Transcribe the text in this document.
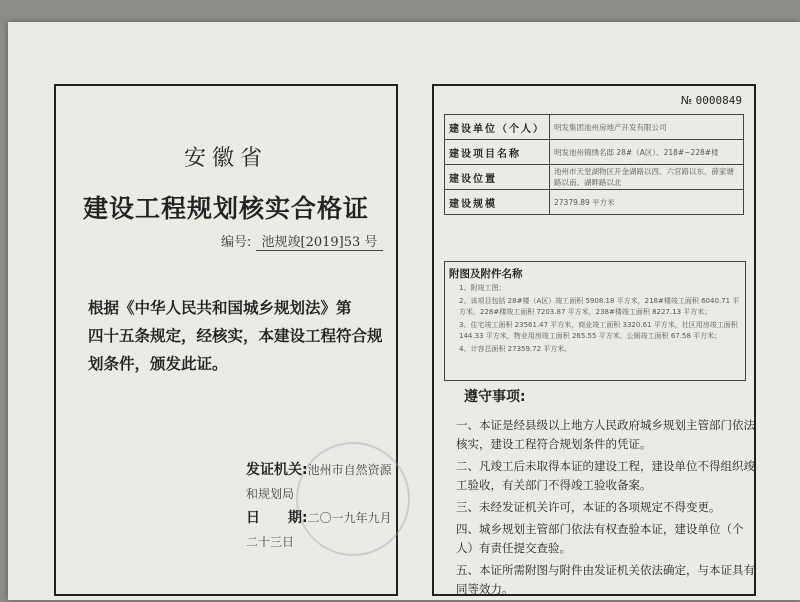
安徽省
建设工程规划核实合格证
编号: 池规竣[2019]53 号

根据《中华人民共和国城乡规划法》第

四十五条规定，经核实，本建设工程符合规

划条件，颁发此证。

发证机关:池州市自然资源和规划局
日　　期:二〇一九年九月二十三日
№ 0000849
建设单位（个人）	明发集团池州房地产开发有限公司
建设项目名称	明发池州锦绣名邸 28#（A区）、218#~228#楼
建设位置	池州市天堂湖物区开金湖路以西、六官路以东、薛家塘路以南、湖畔路以北
建设规模	27379.89 平方米
附图及附件名称
1、附竣工图；
2、该项目包括 28#楼（A区）竣工面积 5908.18 平方米，218#楼竣工面积 6040.71 平方米，228#楼竣工面积 7203.87 平方米，238#楼竣工面积 8227.13 平方米；
3、住宅竣工面积 23561.47 平方米，商业竣工面积 3320.61 平方米，社区用房竣工面积 144.33 平方米，物业用房竣工面积 265.55 平方米，公厕竣工面积 67.58 平方米；
4、计容总面积 27359.72 平方米。
遵守事项:
一、本证是经县级以上地方人民政府城乡规划主管部门依法核实，建设工程符合规划条件的凭证。
二、凡竣工后未取得本证的建设工程，建设单位不得组织竣工验收，有关部门不得竣工验收备案。
三、未经发证机关许可，本证的各项规定不得变更。
四、城乡规划主管部门依法有权查验本证，建设单位（个人）有责任提交查验。
五、本证所需附图与附件由发证机关依法确定，与本证具有同等效力。
